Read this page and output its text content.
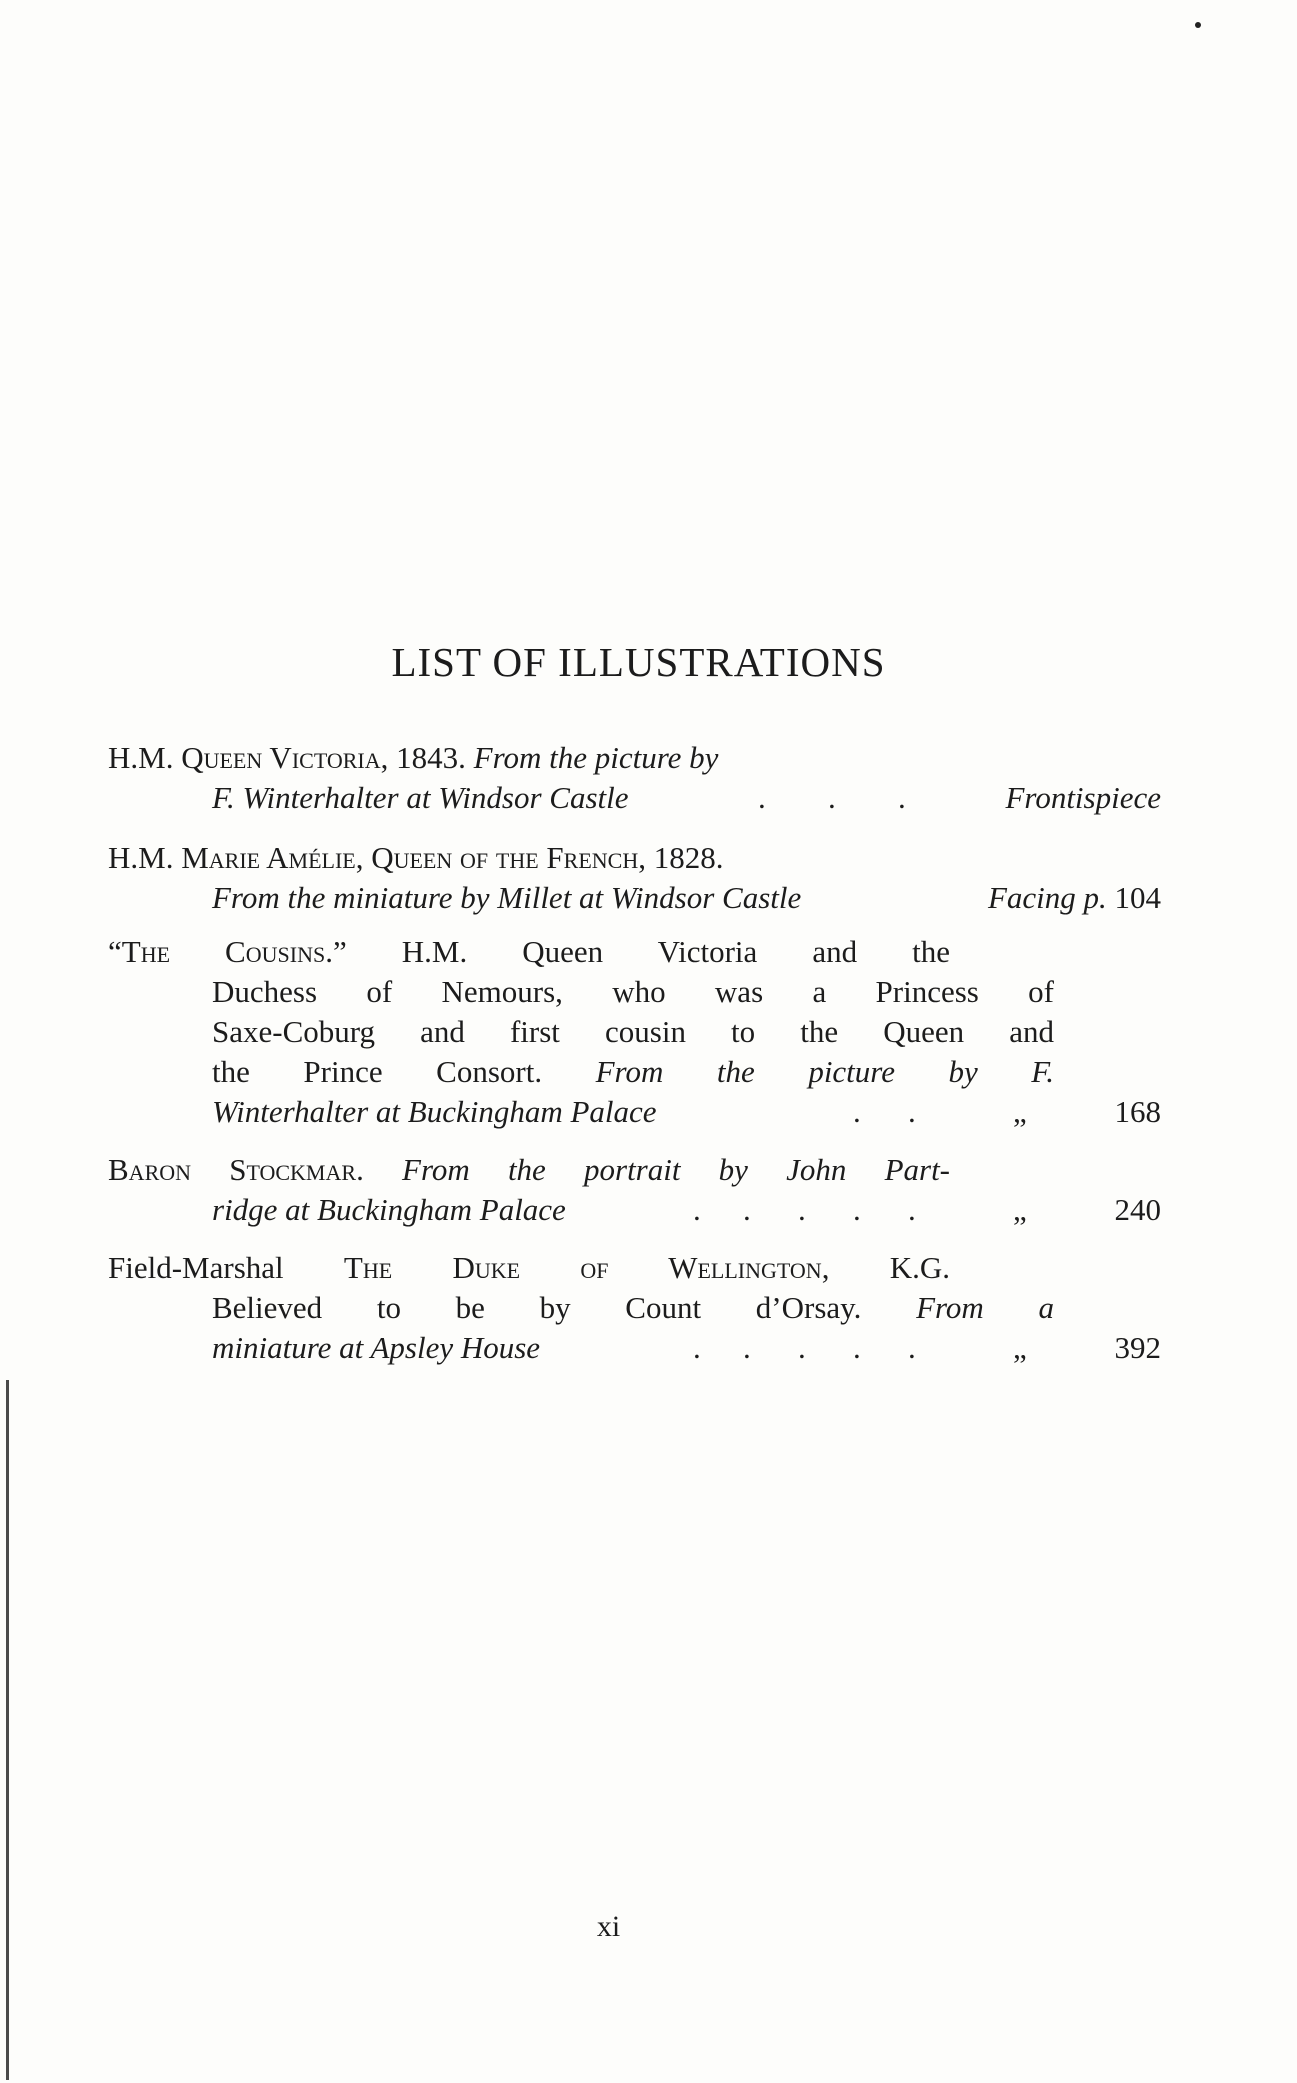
LIST OF ILLUSTRATIONS
H.M. Queen Victoria, 1843. From the picture by
F. Winterhalter at Windsor Castle	. . .	Frontispiece
H.M. Marie Amélie, Queen of the French, 1828.
From the miniature by Millet at Windsor Castle	Facing p. 104
“The Cousins.” H.M. Queen Victoria and the
Duchess of Nemours, who was a Princess of
Saxe-Coburg and first cousin to the Queen and
the Prince Consort. From the picture by F.
Winterhalter at Buckingham Palace	. .	„	168
Baron Stockmar. From the portrait by John Part-
ridge at Buckingham Palace	. . . . .	„	240
Field-Marshal The Duke of Wellington, K.G.
Believed to be by Count d’Orsay. From a
miniature at Apsley House	. . . . .	„	392
xi
